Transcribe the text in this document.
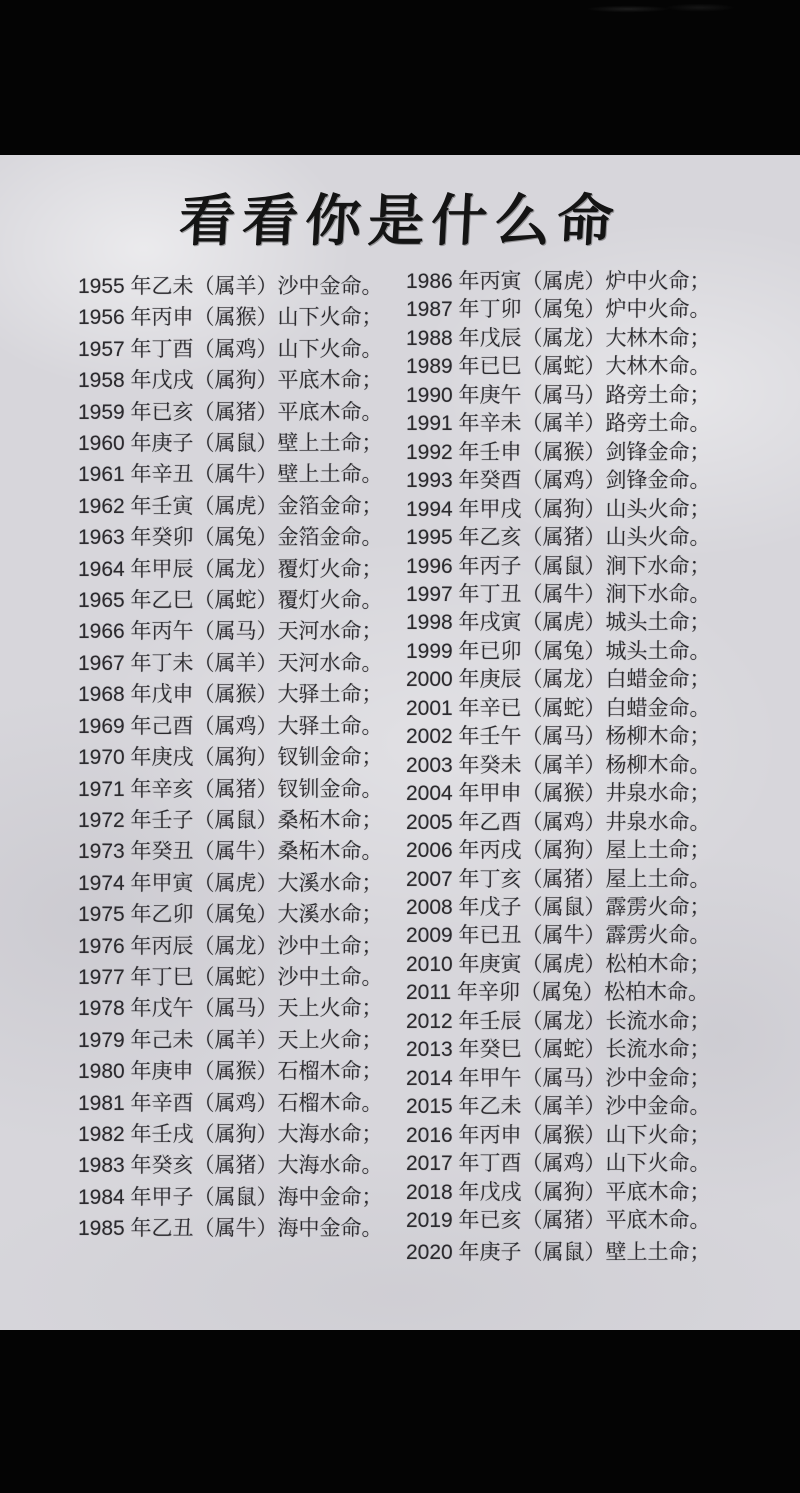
看看你是什么命
1955 年乙未（属羊）沙中金命。
1956 年丙申（属猴）山下火命；
1957 年丁酉（属鸡）山下火命。
1958 年戊戌（属狗）平底木命；
1959 年已亥（属猪）平底木命。
1960 年庚子（属鼠）壁上土命；
1961 年辛丑（属牛）壁上土命。
1962 年壬寅（属虎）金箔金命；
1963 年癸卯（属兔）金箔金命。
1964 年甲辰（属龙）覆灯火命；
1965 年乙巳（属蛇）覆灯火命。
1966 年丙午（属马）天河水命；
1967 年丁未（属羊）天河水命。
1968 年戊申（属猴）大驿土命；
1969 年己酉（属鸡）大驿土命。
1970 年庚戌（属狗）钗钏金命；
1971 年辛亥（属猪）钗钏金命。
1972 年壬子（属鼠）桑柘木命；
1973 年癸丑（属牛）桑柘木命。
1974 年甲寅（属虎）大溪水命；
1975 年乙卯（属兔）大溪水命；
1976 年丙辰（属龙）沙中土命；
1977 年丁巳（属蛇）沙中土命。
1978 年戊午（属马）天上火命；
1979 年己未（属羊）天上火命；
1980 年庚申（属猴）石榴木命；
1981 年辛酉（属鸡）石榴木命。
1982 年壬戌（属狗）大海水命；
1983 年癸亥（属猪）大海水命。
1984 年甲子（属鼠）海中金命；
1985 年乙丑（属牛）海中金命。
1986 年丙寅（属虎）炉中火命；
1987 年丁卯（属兔）炉中火命。
1988 年戊辰（属龙）大林木命；
1989 年已巳（属蛇）大林木命。
1990 年庚午（属马）路旁土命；
1991 年辛未（属羊）路旁土命。
1992 年壬申（属猴）剑锋金命；
1993 年癸酉（属鸡）剑锋金命。
1994 年甲戌（属狗）山头火命；
1995 年乙亥（属猪）山头火命。
1996 年丙子（属鼠）涧下水命；
1997 年丁丑（属牛）涧下水命。
1998 年戌寅（属虎）城头土命；
1999 年已卯（属兔）城头土命。
2000 年庚辰（属龙）白蜡金命；
2001 年辛已（属蛇）白蜡金命。
2002 年壬午（属马）杨柳木命；
2003 年癸未（属羊）杨柳木命。
2004 年甲申（属猴）井泉水命；
2005 年乙酉（属鸡）井泉水命。
2006 年丙戌（属狗）屋上土命；
2007 年丁亥（属猪）屋上土命。
2008 年戊子（属鼠）霹雳火命；
2009 年已丑（属牛）霹雳火命。
2010 年庚寅（属虎）松柏木命；
2011 年辛卯（属兔）松柏木命。
2012 年壬辰（属龙）长流水命；
2013 年癸巳（属蛇）长流水命；
2014 年甲午（属马）沙中金命；
2015 年乙未（属羊）沙中金命。
2016 年丙申（属猴）山下火命；
2017 年丁酉（属鸡）山下火命。
2018 年戊戌（属狗）平底木命；
2019 年已亥（属猪）平底木命。
2020 年庚子（属鼠）壁上土命；
